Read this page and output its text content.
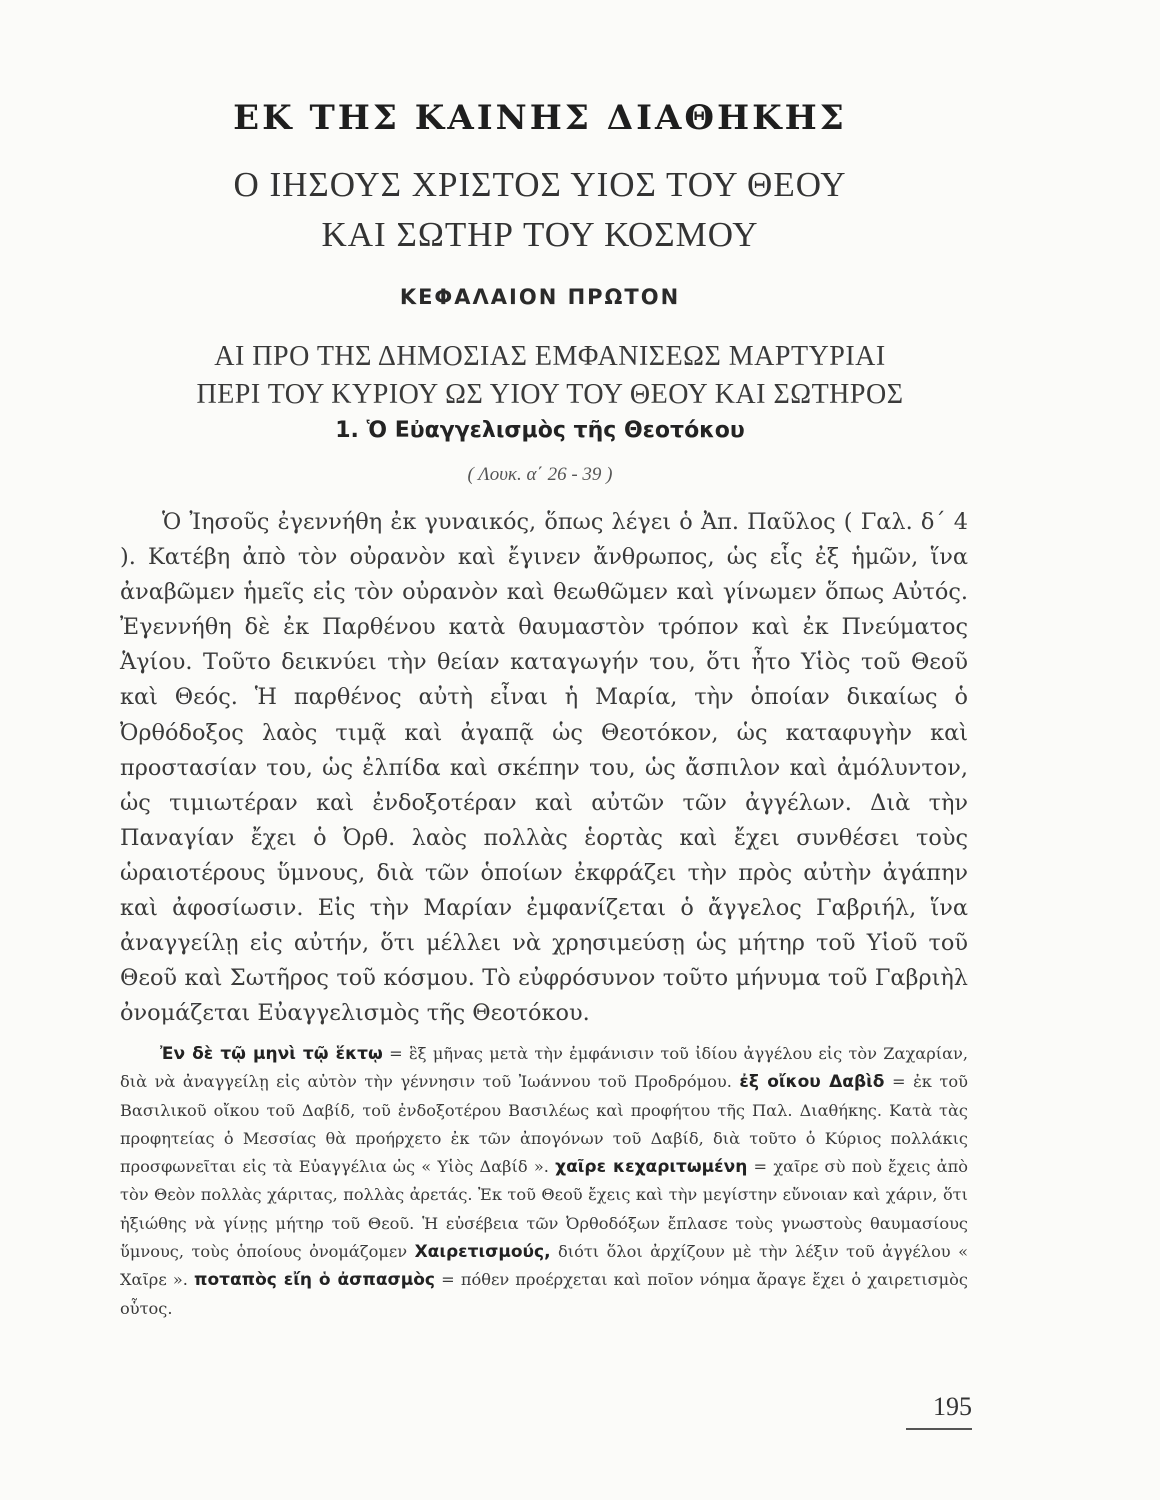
ΕΚ ΤΗΣ ΚΑΙΝΗΣ ΔΙΑΘΗΚΗΣ
Ο ΙΗΣΟΥΣ ΧΡΙΣΤΟΣ ΥΙΟΣ ΤΟΥ ΘΕΟΥ
ΚΑΙ ΣΩΤΗΡ ΤΟΥ ΚΟΣΜΟΥ
ΚΕΦΑΛΑΙΟΝ ΠΡΩΤΟΝ
ΑΙ ΠΡΟ ΤΗΣ ΔΗΜΟΣΙΑΣ ΕΜΦΑΝΙΣΕΩΣ ΜΑΡΤΥΡΙΑΙ
ΠΕΡΙ ΤΟΥ ΚΥΡΙΟΥ ΩΣ ΥΙΟΥ ΤΟΥ ΘΕΟΥ ΚΑΙ ΣΩΤΗΡΟΣ
1. Ὁ Εὐαγγελισμὸς τῆς Θεοτόκου
( Λουκ. α΄ 26 - 39 )

Ὁ Ἰησοῦς ἐγεννήθη ἐκ γυναικός, ὅπως λέγει ὁ Ἀπ. Παῦλος ( Γαλ. δ΄ 4 ). Κατέβη ἀπὸ τὸν οὐρανὸν καὶ ἔγινεν ἄνθρωπος, ὡς εἷς ἐξ ἡμῶν, ἵνα ἀναβῶμεν ἡμεῖς εἰς τὸν οὐρανὸν καὶ θεωθῶμεν καὶ γίνωμεν ὅπως Αὐτός. Ἐγεννήθη δὲ ἐκ Παρθένου κατὰ θαυμαστὸν τρόπον καὶ ἐκ Πνεύματος Ἁγίου. Τοῦτο δεικνύει τὴν θείαν καταγωγήν του, ὅτι ἦτο Υἱὸς τοῦ Θεοῦ καὶ Θεός. Ἡ παρθένος αὐτὴ εἶναι ἡ Μαρία, τὴν ὁποίαν δικαίως ὁ Ὀρθόδοξος λαὸς τιμᾷ καὶ ἀγαπᾷ ὡς Θεοτόκον, ὡς καταφυγὴν καὶ προστασίαν του, ὡς ἐλπίδα καὶ σκέπην του, ὡς ἄσπιλον καὶ ἀμόλυντον, ὡς τιμιωτέραν καὶ ἐνδοξοτέραν καὶ αὐτῶν τῶν ἀγγέλων. Διὰ τὴν Παναγίαν ἔχει ὁ Ὀρθ. λαὸς πολλὰς ἑορτὰς καὶ ἔχει συνθέσει τοὺς ὡραιοτέρους ὕμνους, διὰ τῶν ὁποίων ἐκφράζει τὴν πρὸς αὐτὴν ἀγάπην καὶ ἀφοσίωσιν. Εἰς τὴν Μαρίαν ἐμφανίζεται ὁ ἄγγελος Γαβριήλ, ἵνα ἀναγγείλῃ εἰς αὐτήν, ὅτι μέλλει νὰ χρησιμεύσῃ ὡς μήτηρ τοῦ Υἱοῦ τοῦ Θεοῦ καὶ Σωτῆρος τοῦ κόσμου. Τὸ εὐφρόσυνον τοῦτο μήνυμα τοῦ Γαβριὴλ ὀνομάζεται Εὐαγγελισμὸς τῆς Θεοτόκου.

Ἐν δὲ τῷ μηνὶ τῷ ἕκτῳ = ἓξ μῆνας μετὰ τὴν ἐμφάνισιν τοῦ ἰδίου ἀγγέλου εἰς τὸν Ζαχαρίαν, διὰ νὰ ἀναγγείλῃ εἰς αὐτὸν τὴν γέννησιν τοῦ Ἰωάννου τοῦ Προδρόμου. ἐξ οἴκου Δαβὶδ = ἐκ τοῦ Βασιλικοῦ οἴκου τοῦ Δαβίδ, τοῦ ἐνδοξοτέρου Βασιλέως καὶ προφήτου τῆς Παλ. Διαθήκης. Κατὰ τὰς προφητείας ὁ Μεσσίας θὰ προήρχετο ἐκ τῶν ἀπογόνων τοῦ Δαβίδ, διὰ τοῦτο ὁ Κύριος πολλάκις προσφωνεῖται εἰς τὰ Εὐαγγέλια ὡς « Υἱὸς Δαβίδ ». χαῖρε κεχαριτωμένη = χαῖρε σὺ ποὺ ἔχεις ἀπὸ τὸν Θεὸν πολλὰς χάριτας, πολλὰς ἀρετάς. Ἐκ τοῦ Θεοῦ ἔχεις καὶ τὴν μεγίστην εὔνοιαν καὶ χάριν, ὅτι ἠξιώθης νὰ γίνῃς μήτηρ τοῦ Θεοῦ. Ἡ εὐσέβεια τῶν Ὀρθοδόξων ἔπλασε τοὺς γνωστοὺς θαυμασίους ὕμνους, τοὺς ὁποίους ὀνομάζομεν Χαιρετισμούς, διότι ὅλοι ἀρχίζουν μὲ τὴν λέξιν τοῦ ἀγγέλου « Χαῖρε ». ποταπὸς εἴη ὁ ἀσπασμὸς = πόθεν προέρχεται καὶ ποῖον νόημα ἄραγε ἔχει ὁ χαιρετισμὸς οὗτος.

195
